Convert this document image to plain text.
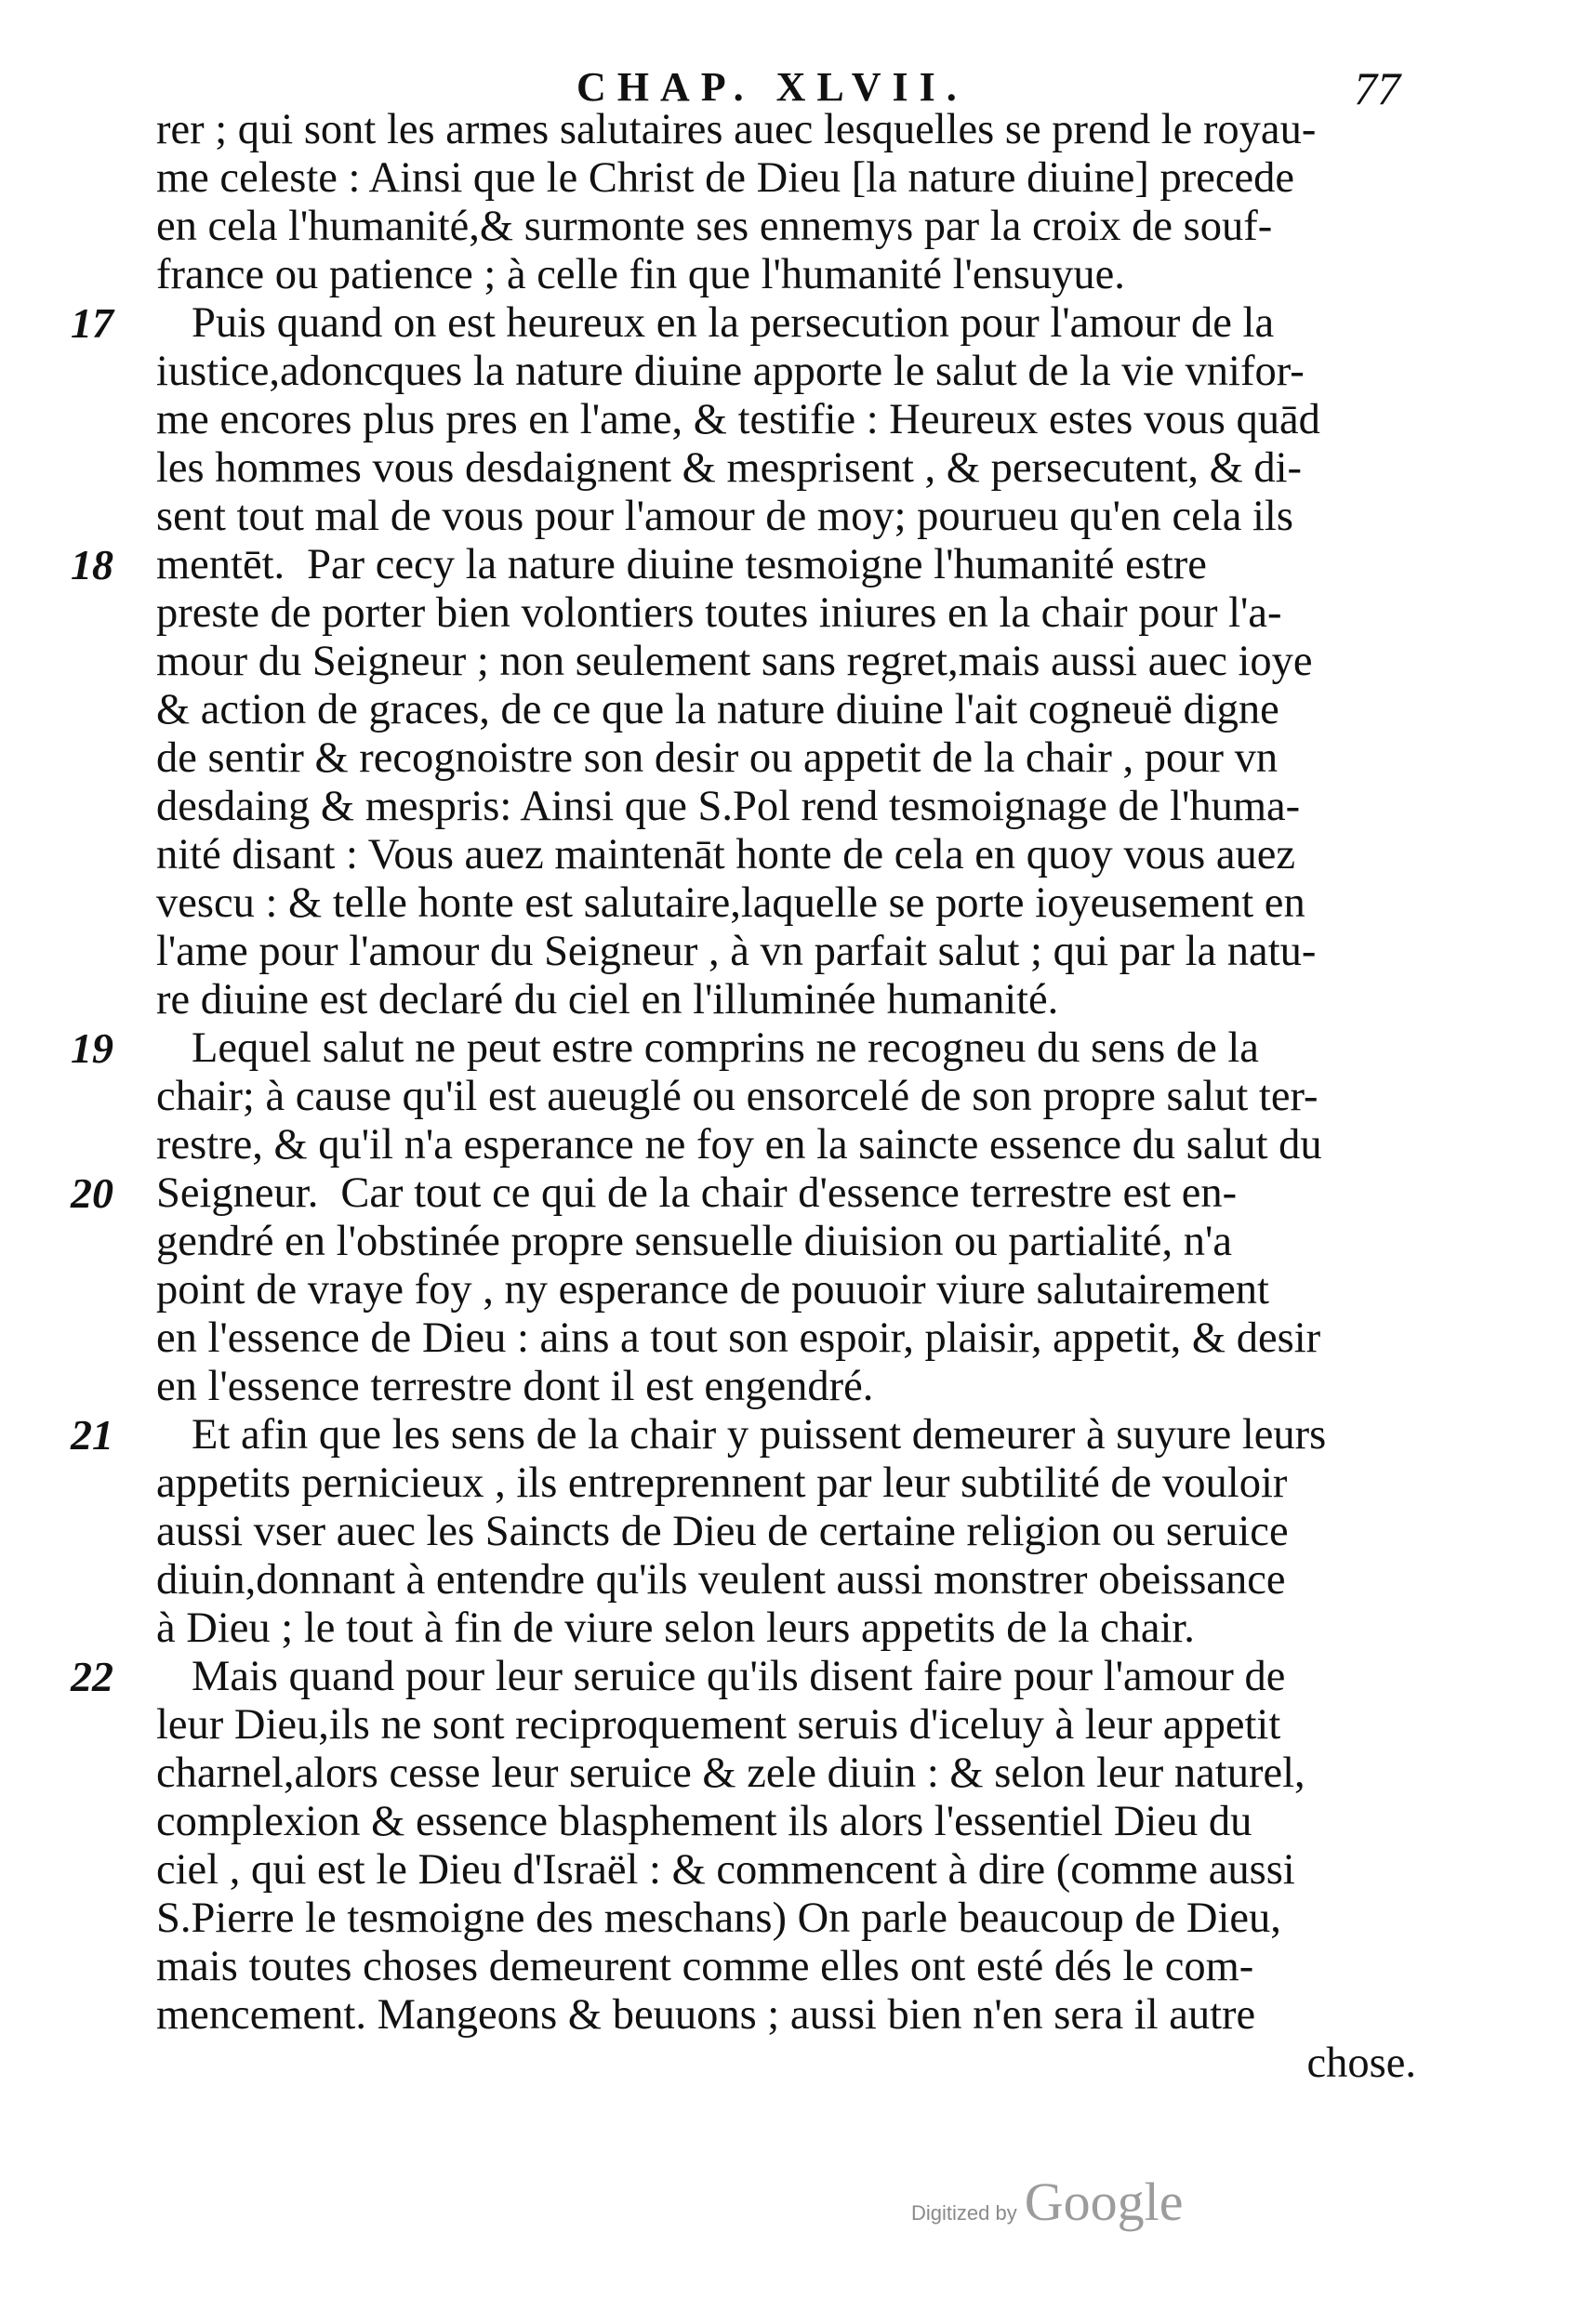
CHAP. XLVII.	77
rer ; qui sont les armes salutaires auec lesquelles se prend le royau-
me celeste : Ainsi que le Christ de Dieu [la nature diuine] precede
en cela l'humanité,& surmonte ses ennemys par la croix de souf-
france ou patience ; à celle fin que l'humanité l'ensuyue.
17	Puis quand on est heureux en la persecution pour l'amour de la
iustice,adoncques la nature diuine apporte le salut de la vie vnifor-
me encores plus pres en l'ame, & testifie : Heureux estes vous quād
les hommes vous desdaignent & mesprisent , & persecutent, & di-
sent tout mal de vous pour l'amour de moy; pourueu qu'en cela ils
18 mentēt. Par cecy la nature diuine tesmoigne l'humanité estre
preste de porter bien volontiers toutes iniures en la chair pour l'a-
mour du Seigneur ; non seulement sans regret,mais aussi auec ioye
& action de graces, de ce que la nature diuine l'ait cogneuë digne
de sentir & recognoistre son desir ou appetit de la chair , pour vn
desdaing & mespris: Ainsi que S.Pol rend tesmoignage de l'huma-
nité disant : Vous auez maintenāt honte de cela en quoy vous auez
vescu : & telle honte est salutaire,laquelle se porte ioyeusement en
l'ame pour l'amour du Seigneur , à vn parfait salut ; qui par la natu-
re diuine est declaré du ciel en l'illuminée humanité.
19	Lequel salut ne peut estre comprins ne recogneu du sens de la
chair; à cause qu'il est aueuglé ou ensorcelé de son propre salut ter-
restre, & qu'il n'a esperance ne foy en la saincte essence du salut du
20 Seigneur. Car tout ce qui de la chair d'essence terrestre est en-
gendré en l'obstinée propre sensuelle diuision ou partialité, n'a
point de vraye foy , ny esperance de pouuoir viure salutairement
en l'essence de Dieu : ains a tout son espoir, plaisir, appetit, & desir
en l'essence terrestre dont il est engendré.
21	Et afin que les sens de la chair y puissent demeurer à suyure leurs
appetits pernicieux , ils entreprennent par leur subtilité de vouloir
aussi vser auec les Saincts de Dieu de certaine religion ou seruice
diuin,donnant à entendre qu'ils veulent aussi monstrer obeissance
à Dieu ; le tout à fin de viure selon leurs appetits de la chair.
22	Mais quand pour leur seruice qu'ils disent faire pour l'amour de
leur Dieu,ils ne sont reciproquement seruis d'iceluy à leur appetit
charnel,alors cesse leur seruice & zele diuin : & selon leur naturel,
complexion & essence blasphement ils alors l'essentiel Dieu du
ciel , qui est le Dieu d'Israël : & commencent à dire (comme aussi
S.Pierre le tesmoigne des meschans) On parle beaucoup de Dieu,
mais toutes choses demeurent comme elles ont esté dés le com-
mencement. Mangeons & beuuons ; aussi bien n'en sera il autre
chose.
Digitized by Google
